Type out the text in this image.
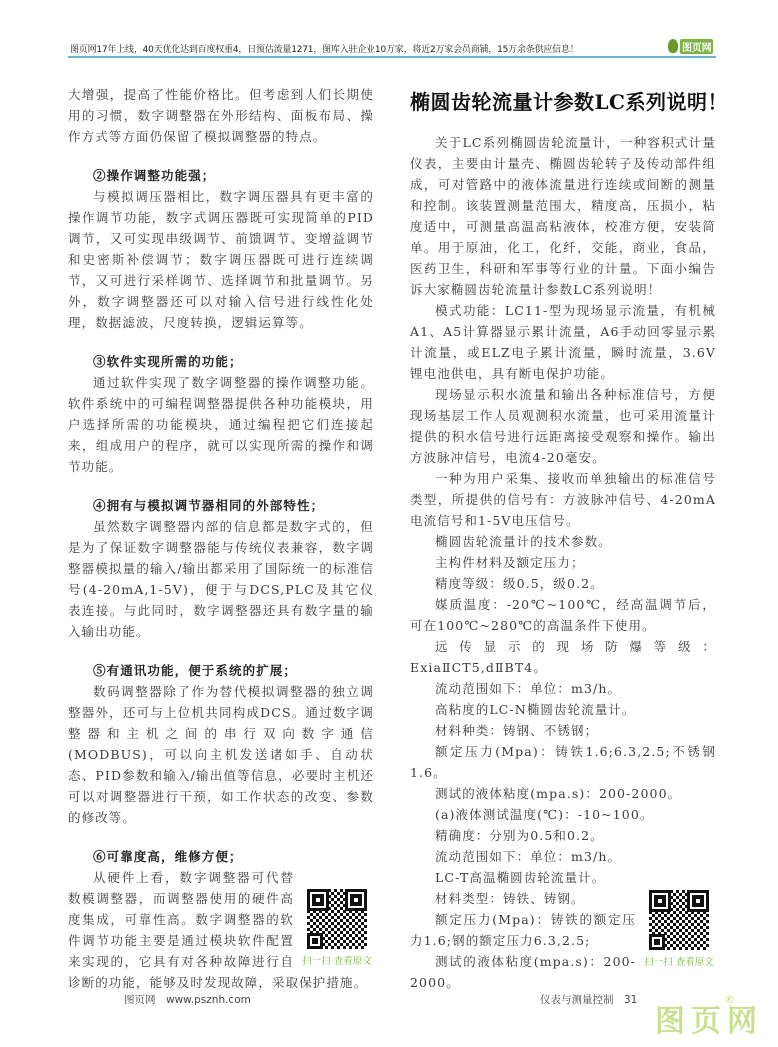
图页网17年上线，40天优化达到百度权重4，日预估流量1271，图库入驻企业10万家，将近2万家会员商铺，15万余条供应信息！	图页网

大增强，提高了性能价格比。但考虑到人们长期使用的习惯，数字调整器在外形结构、面板布局、操作方式等方面仍保留了模拟调整器的特点。

②操作调整功能强；

与模拟调压器相比，数字调压器具有更丰富的操作调节功能，数字式调压器既可实现简单的PID调节，又可实现串级调节、前馈调节、变增益调节和史密斯补偿调节；数字调压器既可进行连续调节，又可进行采样调节、选择调节和批量调节。另外，数字调整器还可以对输入信号进行线性化处理，数据滤波，尺度转换，逻辑运算等。

③软件实现所需的功能；

通过软件实现了数字调整器的操作调整功能。软件系统中的可编程调整器提供各种功能模块，用户选择所需的功能模块，通过编程把它们连接起来，组成用户的程序，就可以实现所需的操作和调节功能。

④拥有与模拟调节器相同的外部特性；

虽然数字调整器内部的信息都是数字式的，但是为了保证数字调整器能与传统仪表兼容，数字调整器模拟量的输入/输出都采用了国际统一的标准信号(4-20mA,1-5V)，便于与DCS,PLC及其它仪表连接。与此同时，数字调整器还具有数字量的输入输出功能。

⑤有通讯功能，便于系统的扩展；

数码调整器除了作为替代模拟调整器的独立调整器外，还可与上位机共同构成DCS。通过数字调整器和主机之间的串行双向数字通信(MODBUS)，可以向主机发送诸如手、自动状态、PID参数和输入/输出值等信息，必要时主机还可以对调整器进行干预，如工作状态的改变、参数的修改等。

⑥可靠度高，维修方便；

扫一扫 查看原文
从硬件上看，数字调整器可代替数模调整器，而调整器使用的硬件高度集成，可靠性高。数字调整器的软件调节功能主要是通过模块软件配置来实现的，它具有对各种故障进行自诊断的功能，能够及时发现故障，采取保护措施。
椭圆齿轮流量计参数LC系列说明！

关于LC系列椭圆齿轮流量计，一种容积式计量仪表，主要由计量壳、椭圆齿轮转子及传动部件组成，可对管路中的液体流量进行连续或间断的测量和控制。该装置测量范围大，精度高，压损小，粘度适中，可测量高温高粘液体，校准方便，安装简单。用于原油，化工，化纤，交能，商业，食品，医药卫生，科研和军事等行业的计量。下面小编告诉大家椭圆齿轮流量计参数LC系列说明！

模式功能：LC11-型为现场显示流量，有机械A1、A5计算器显示累计流量，A6手动回零显示累计流量，或ELZ电子累计流量，瞬时流量，3.6V锂电池供电，具有断电保护功能。

现场显示积水流量和输出各种标准信号，方便现场基层工作人员观测积水流量，也可采用流量计提供的积水信号进行远距离接受观察和操作。输出方波脉冲信号，电流4-20毫安。

一种为用户采集、接收而单独输出的标准信号类型，所提供的信号有：方波脉冲信号、4-20mA电流信号和1-5V电压信号。

椭圆齿轮流量计的技术参数。

主构件材料及额定压力；

精度等级：级0.5，级0.2。

媒质温度：-20℃~100℃，经高温调节后，可在100℃~280℃的高温条件下使用。

远传显示的现场防爆等级：ExiaⅡCT5,dⅡBT4。

流动范围如下：单位：m3/h。

高粘度的LC-N椭圆齿轮流量计。

材料种类：铸钢、不锈钢；

额定压力(Mpa)：铸铁1.6;6.3,2.5;不锈钢1.6。

测试的液体粘度(mpa.s)：200-2000。

(a)液体测试温度(℃)：-10~100。

精确度：分别为0.5和0.2。

流动范围如下：单位：m3/h。

LC-T高温椭圆齿轮流量计。

扫一扫 查看原文

材料类型：铸铁、铸钢。

额定压力(Mpa)：铸铁的额定压力1.6;钢的额定压力6.3,2.5;

测试的液体粘度(mpa.s)：200-2000。

图页网　www.psznh.com	仪表与测量控制　31
图页网
®
